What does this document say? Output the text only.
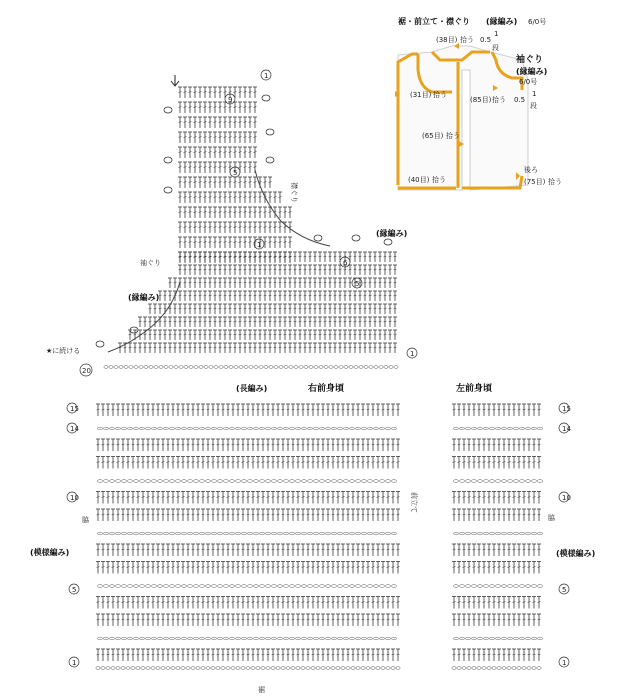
裾・前立て・襟ぐり (縁編み) 6/0号
(38目) 拾う 0.5
1
段
袖ぐり
(縁編み)
6/0号
(31目) 拾う
(85目) 拾う 0.5
1
段
(65目) 拾う
後ろ
(75目) 拾う
(40目) 拾う
1
9
5
1
6
5
1
20
襟ぐり
(縁編み)
袖ぐり
(縁編み)
★に続ける
(長編み)	右前身頃
15
14
10
5
1
脇
(模様編み)
前立て
裾
左前身頃
15
14
10
5
1
脇
(模様編み)
